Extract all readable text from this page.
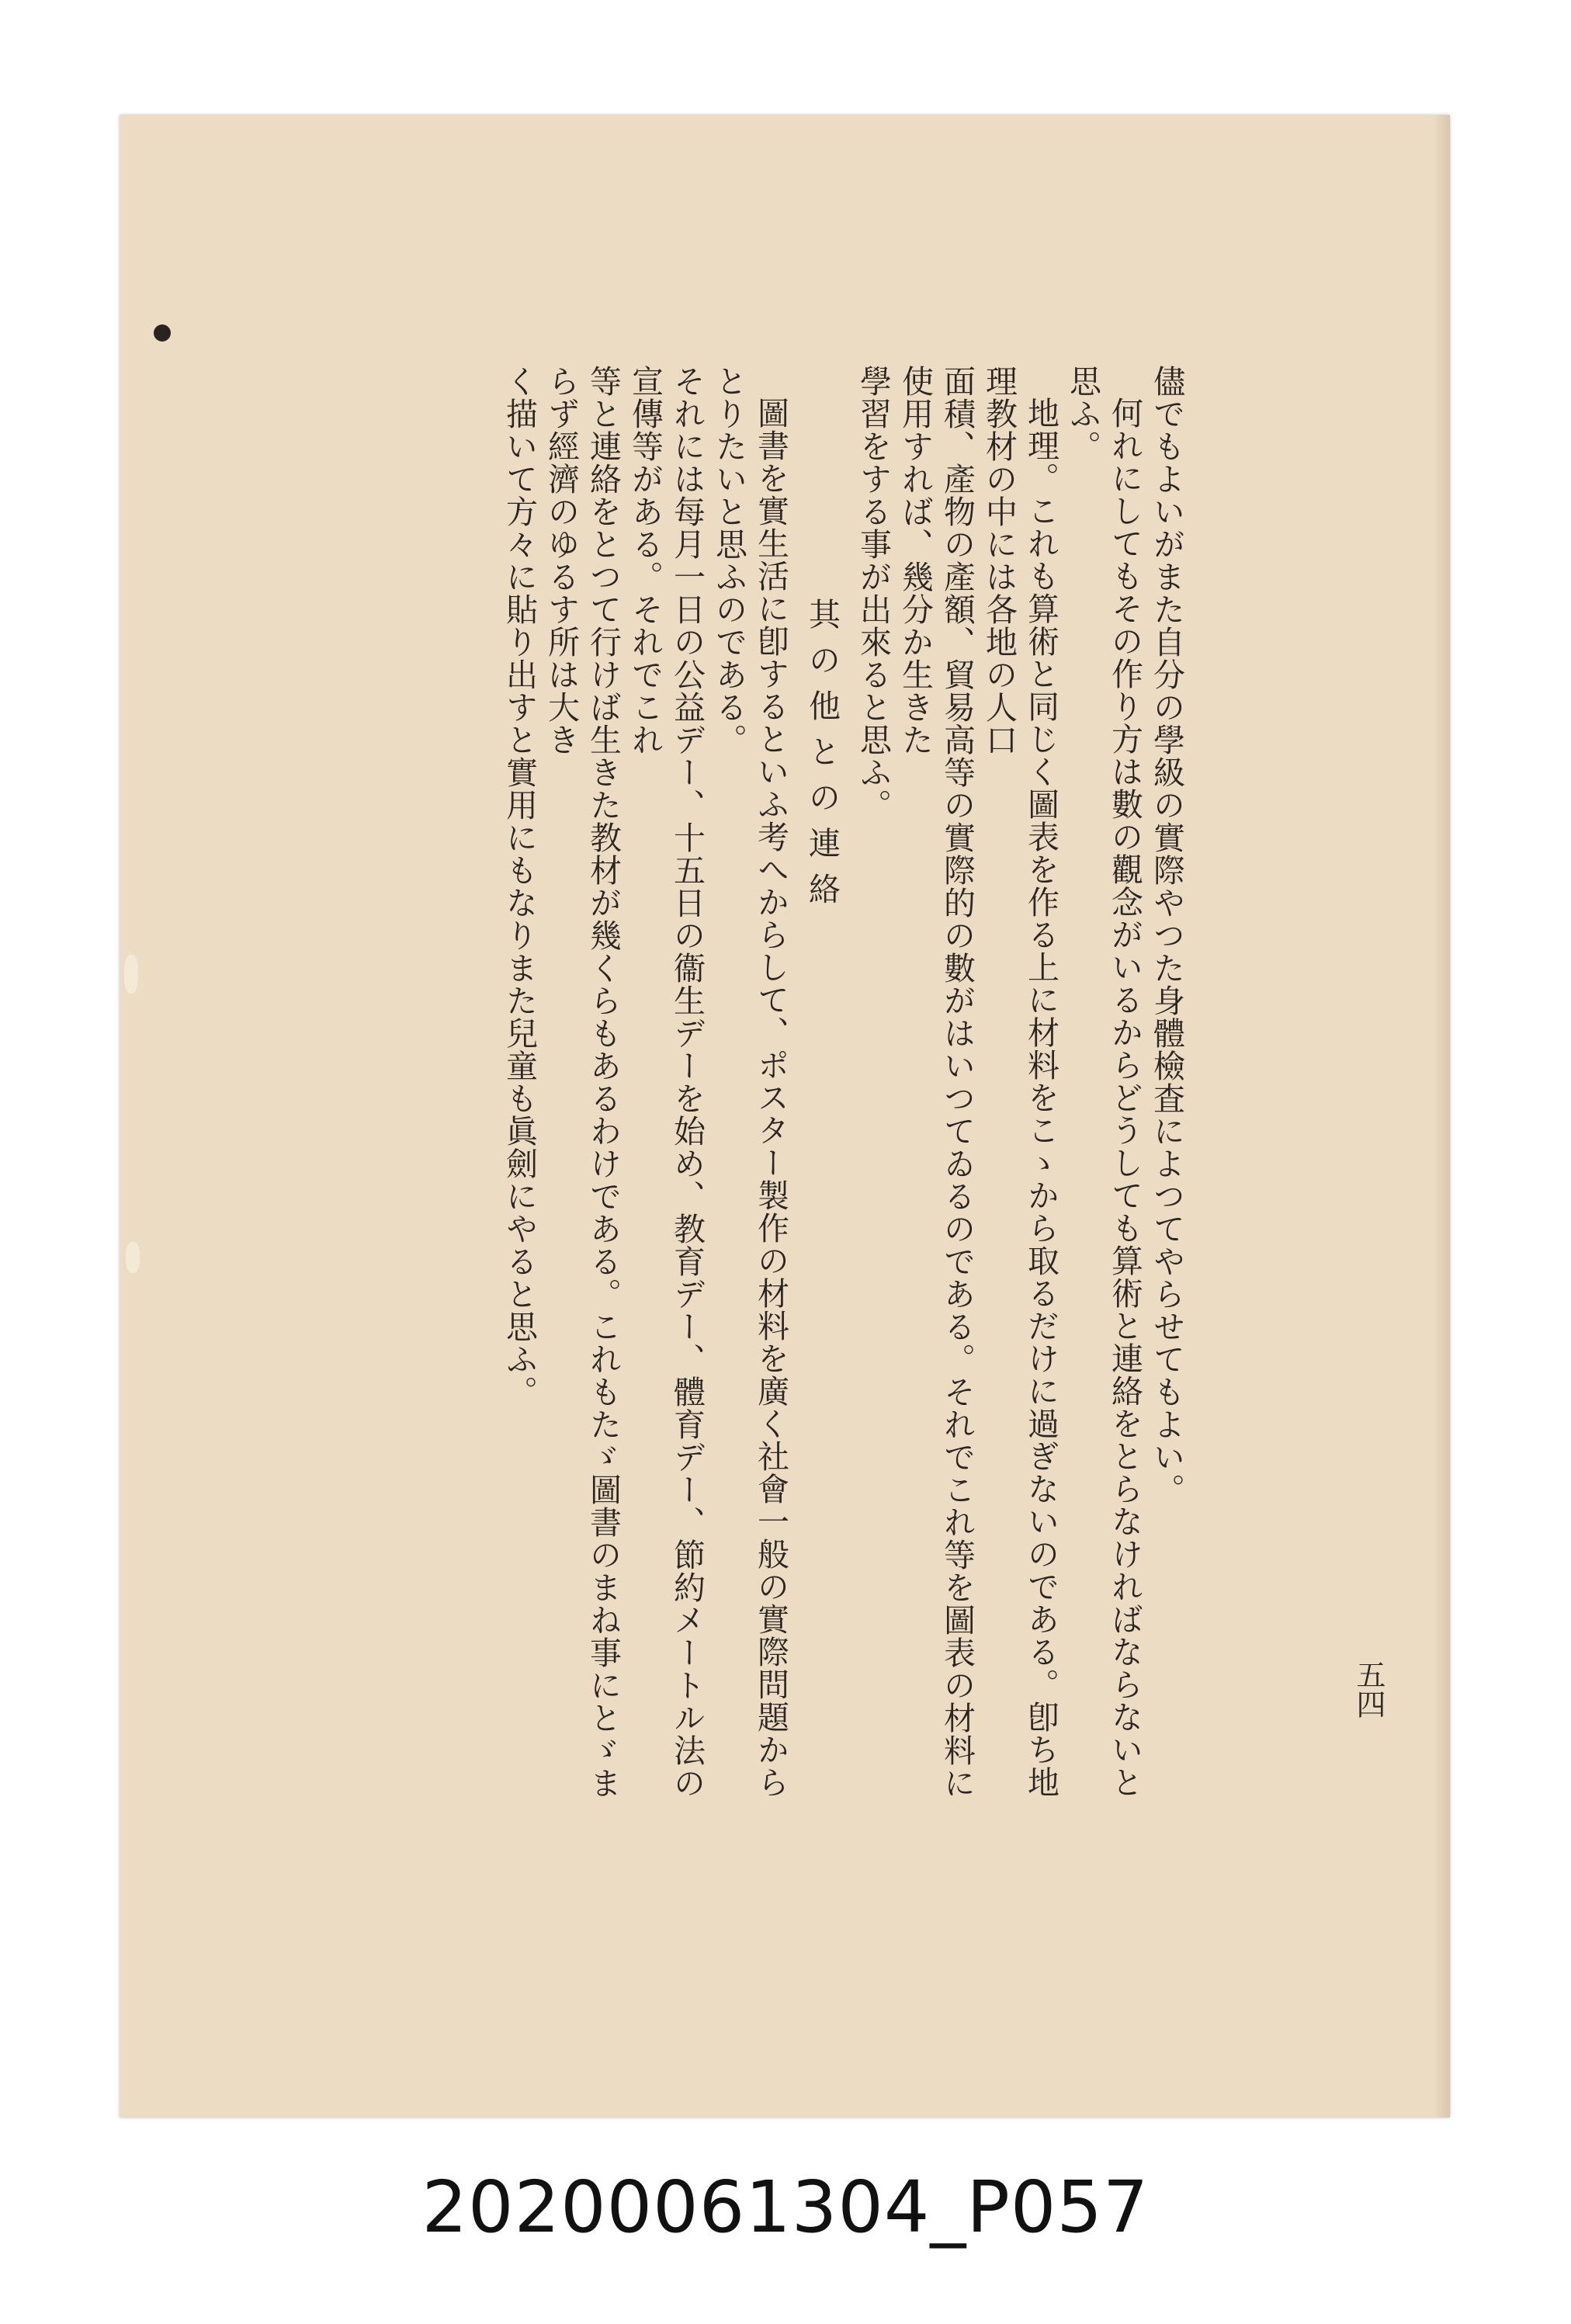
儘でもよいがまた自分の學級の實際やつた身體檢査によつてやらせてもよい。

何れにしてもその作り方は數の觀念がいるからどうしても算術と連絡をとらなければならないと思ふ。

地理。これも算術と同じく圖表を作る上に材料をこゝから取るだけに過ぎないのである。卽ち地理教材の中には各地の人口

面積、產物の產額、貿易高等の實際的の數がはいつてゐるのである。それでこれ等を圖表の材料に使用すれば、幾分か生きた

學習をする事が出來ると思ふ。

其の他との連絡

圖書を實生活に卽するといふ考へからして、ポスター製作の材料を廣く社會一般の實際問題からとりたいと思ふのである。

それには每月一日の公益デー、十五日の衞生デーを始め、教育デー、體育デー、節約メートル法の宣傳等がある。それでこれ

等と連絡をとつて行けば生きた教材が幾くらもあるわけである。これもたゞ圖書のまね事にとゞまらず經濟のゆるす所は大き

く描いて方々に貼り出すと實用にもなりまた兒童も眞劍にやると思ふ。

五四
20200061304_P057
